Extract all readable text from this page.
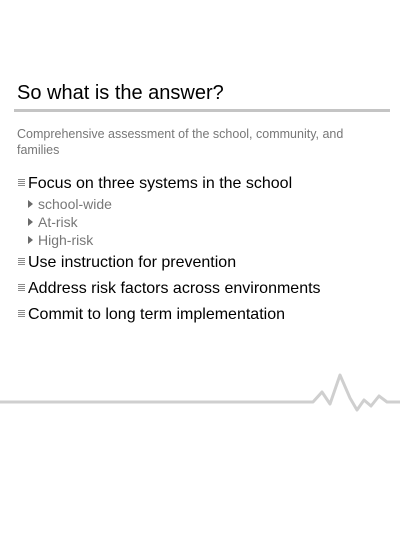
So what is the answer?
Comprehensive assessment of the school, community, and families
Focus on three systems in the school
school-wide
At-risk
High-risk
Use instruction for prevention
Address risk factors across environments
Commit to long term implementation
